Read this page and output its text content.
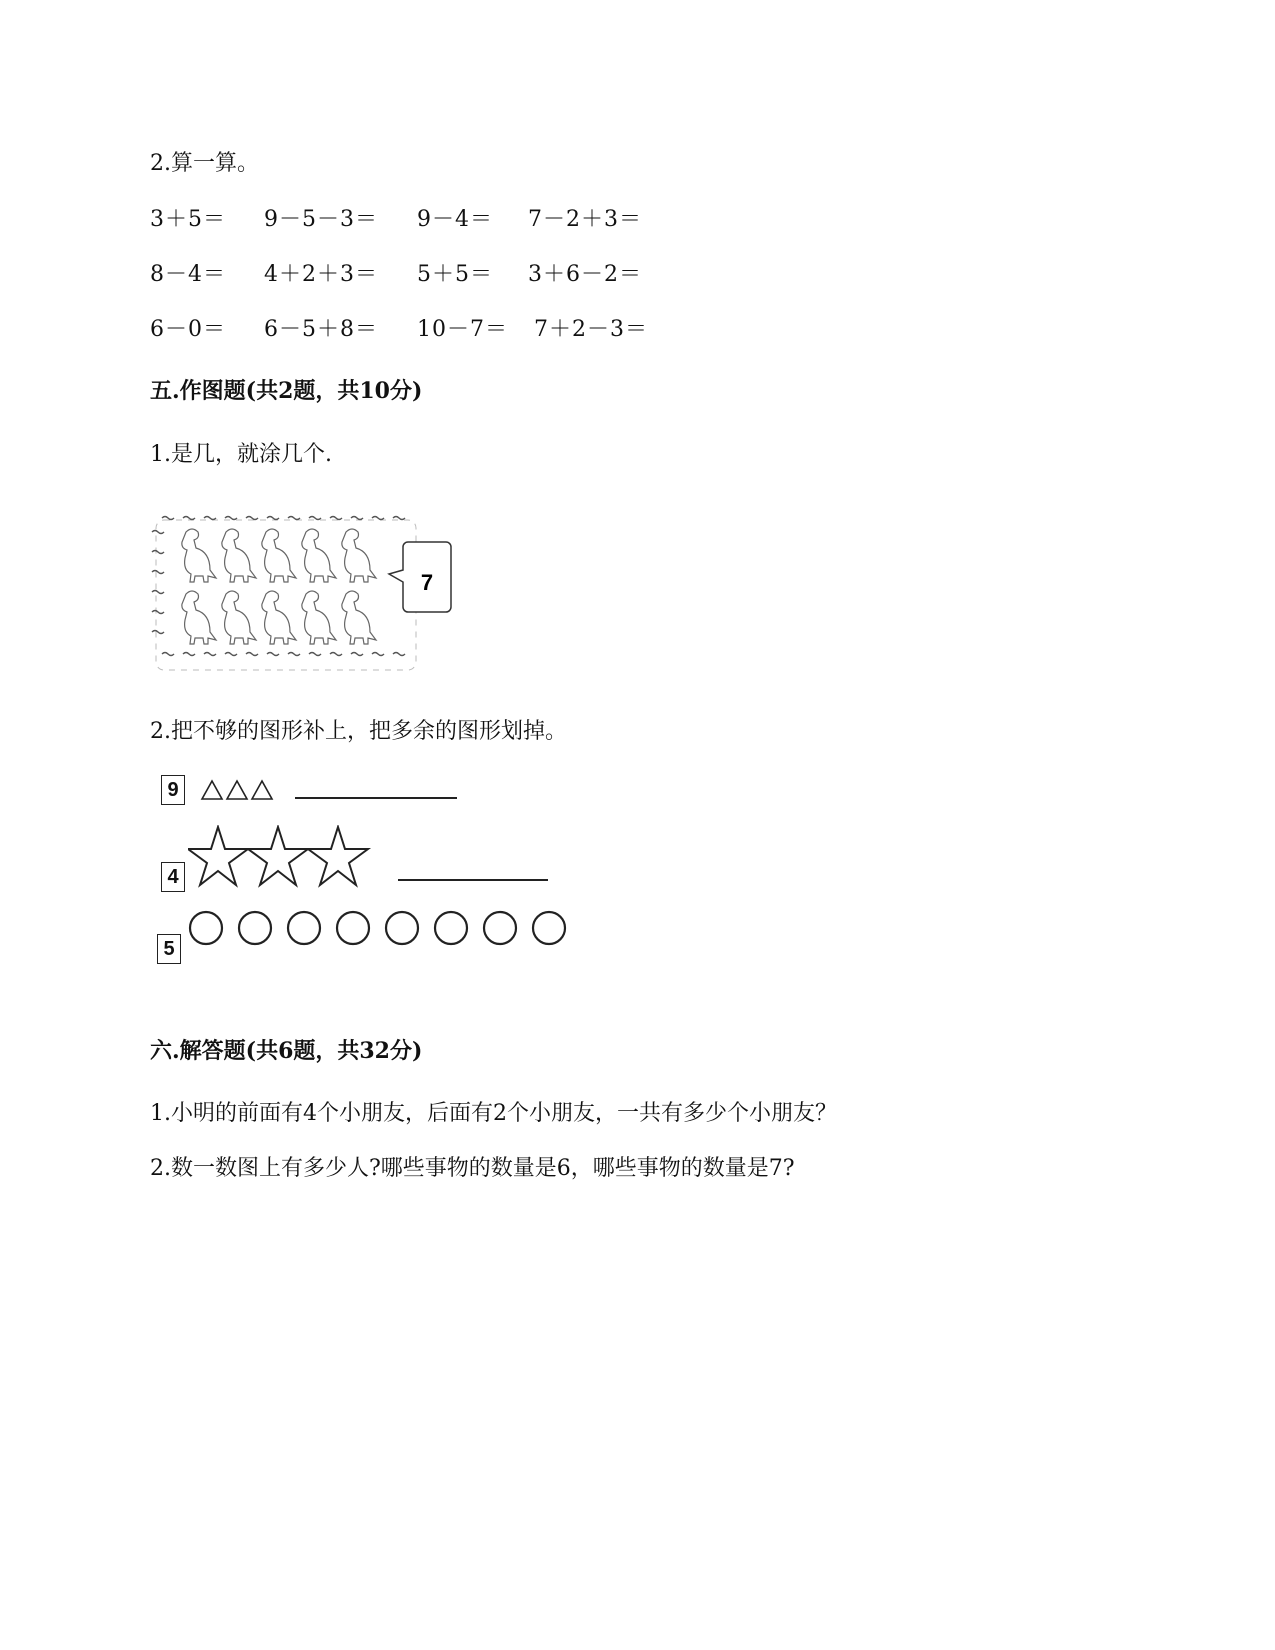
2.算一算。
3＋5＝ 9－5－3＝ 9－4＝ 7－2＋3＝
8－4＝ 4＋2＋3＝ 5＋5＝ 3＋6－2＝
6－0＝ 6－5＋8＝ 10－7＝ 7＋2－3＝
五.作图题(共2题，共10分)
1.是几，就涂几个.
7
2.把不够的图形补上，把多余的图形划掉。
9
4
5
六.解答题(共6题，共32分)
1.小明的前面有4个小朋友，后面有2个小朋友，一共有多少个小朋友？
2.数一数图上有多少人?哪些事物的数量是6，哪些事物的数量是7?
